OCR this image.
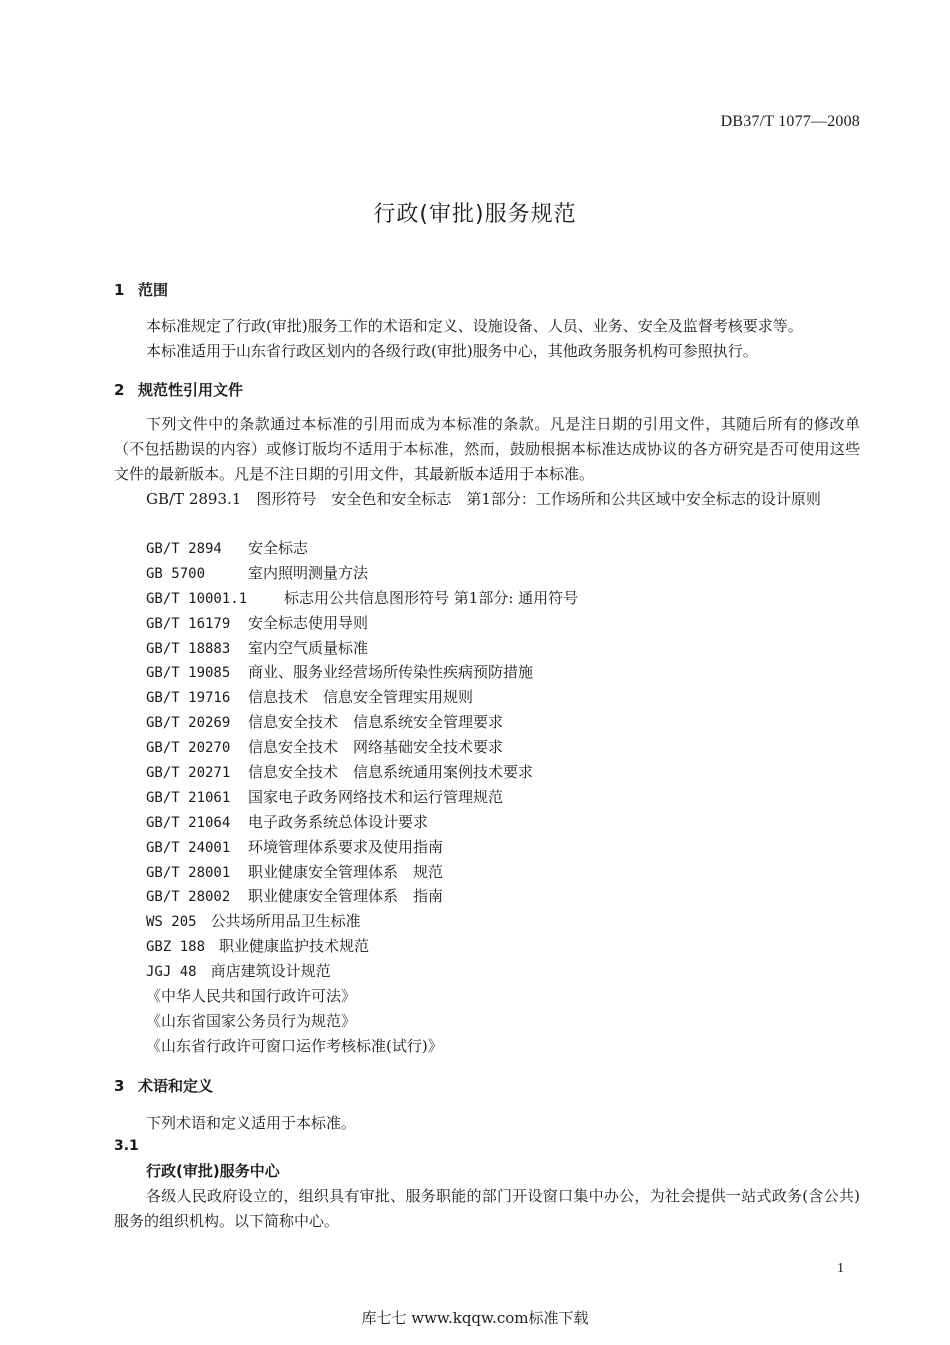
DB37/T 1077—2008
行政(审批)服务规范
1 范围
本标准规定了行政(审批)服务工作的术语和定义、设施设备、人员、业务、安全及监督考核要求等。
本标准适用于山东省行政区划内的各级行政(审批)服务中心，其他政务服务机构可参照执行。
2 规范性引用文件
下列文件中的条款通过本标准的引用而成为本标准的条款。凡是注日期的引用文件，其随后所有的修改单（不包括勘误的内容）或修订版均不适用于本标准，然而，鼓励根据本标准达成协议的各方研究是否可使用这些文件的最新版本。凡是不注日期的引用文件，其最新版本适用于本标准。
GB/T 2893.1　图形符号　安全色和安全标志　第1部分：工作场所和公共区域中安全标志的设计原则
GB/T 2894 安全标志
GB 5700	室内照明测量方法
GB/T 10001.1 标志用公共信息图形符号 第1部分: 通用符号
GB/T 16179 安全标志使用导则
GB/T 18883 室内空气质量标准
GB/T 19085 商业、服务业经营场所传染性疾病预防措施
GB/T 19716 信息技术　信息安全管理实用规则
GB/T 20269 信息安全技术　信息系统安全管理要求
GB/T 20270 信息安全技术　网络基础安全技术要求
GB/T 20271 信息安全技术　信息系统通用案例技术要求
GB/T 21061 国家电子政务网络技术和运行管理规范
GB/T 21064 电子政务系统总体设计要求
GB/T 24001 环境管理体系要求及使用指南
GB/T 28001 职业健康安全管理体系　规范
GB/T 28002 职业健康安全管理体系　指南
WS 205 公共场所用品卫生标准
GBZ 188 职业健康监护技术规范
JGJ 48 商店建筑设计规范
《中华人民共和国行政许可法》
《山东省国家公务员行为规范》
《山东省行政许可窗口运作考核标准(试行)》
3 术语和定义
下列术语和定义适用于本标准。
3.1
行政(审批)服务中心
各级人民政府设立的，组织具有审批、服务职能的部门开设窗口集中办公，为社会提供一站式政务(含公共)服务的组织机构。以下简称中心。
1
库七七 www.kqqw.com标准下载
